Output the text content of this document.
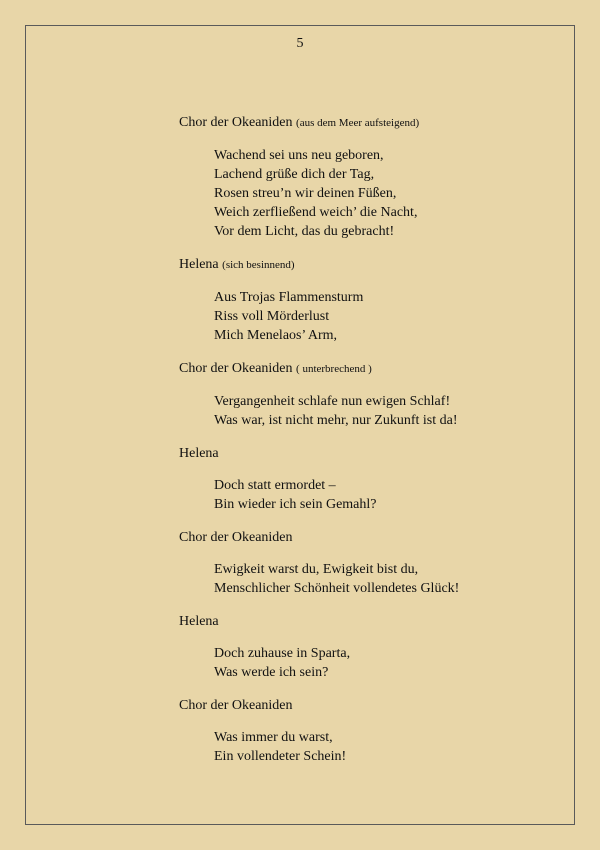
5
Chor der Okeaniden (aus dem Meer aufsteigend)
Wachend sei uns neu geboren,
Lachend grüße dich der Tag,
Rosen streu’n wir deinen Füßen,
Weich zerfließend weich’ die Nacht,
Vor dem Licht, das du gebracht!
Helena (sich besinnend)
Aus Trojas Flammensturm
Riss voll Mörderlust
Mich Menelaos’ Arm,
Chor der Okeaniden ( unterbrechend )
Vergangenheit schlafe nun ewigen Schlaf!
Was war, ist nicht mehr, nur Zukunft ist da!
Helena
Doch statt ermordet –
Bin wieder ich sein Gemahl?
Chor der Okeaniden
Ewigkeit warst du, Ewigkeit bist du,
Menschlicher Schönheit vollendetes Glück!
Helena
Doch zuhause in Sparta,
Was werde ich sein?
Chor der Okeaniden
Was immer du warst,
Ein vollendeter Schein!
